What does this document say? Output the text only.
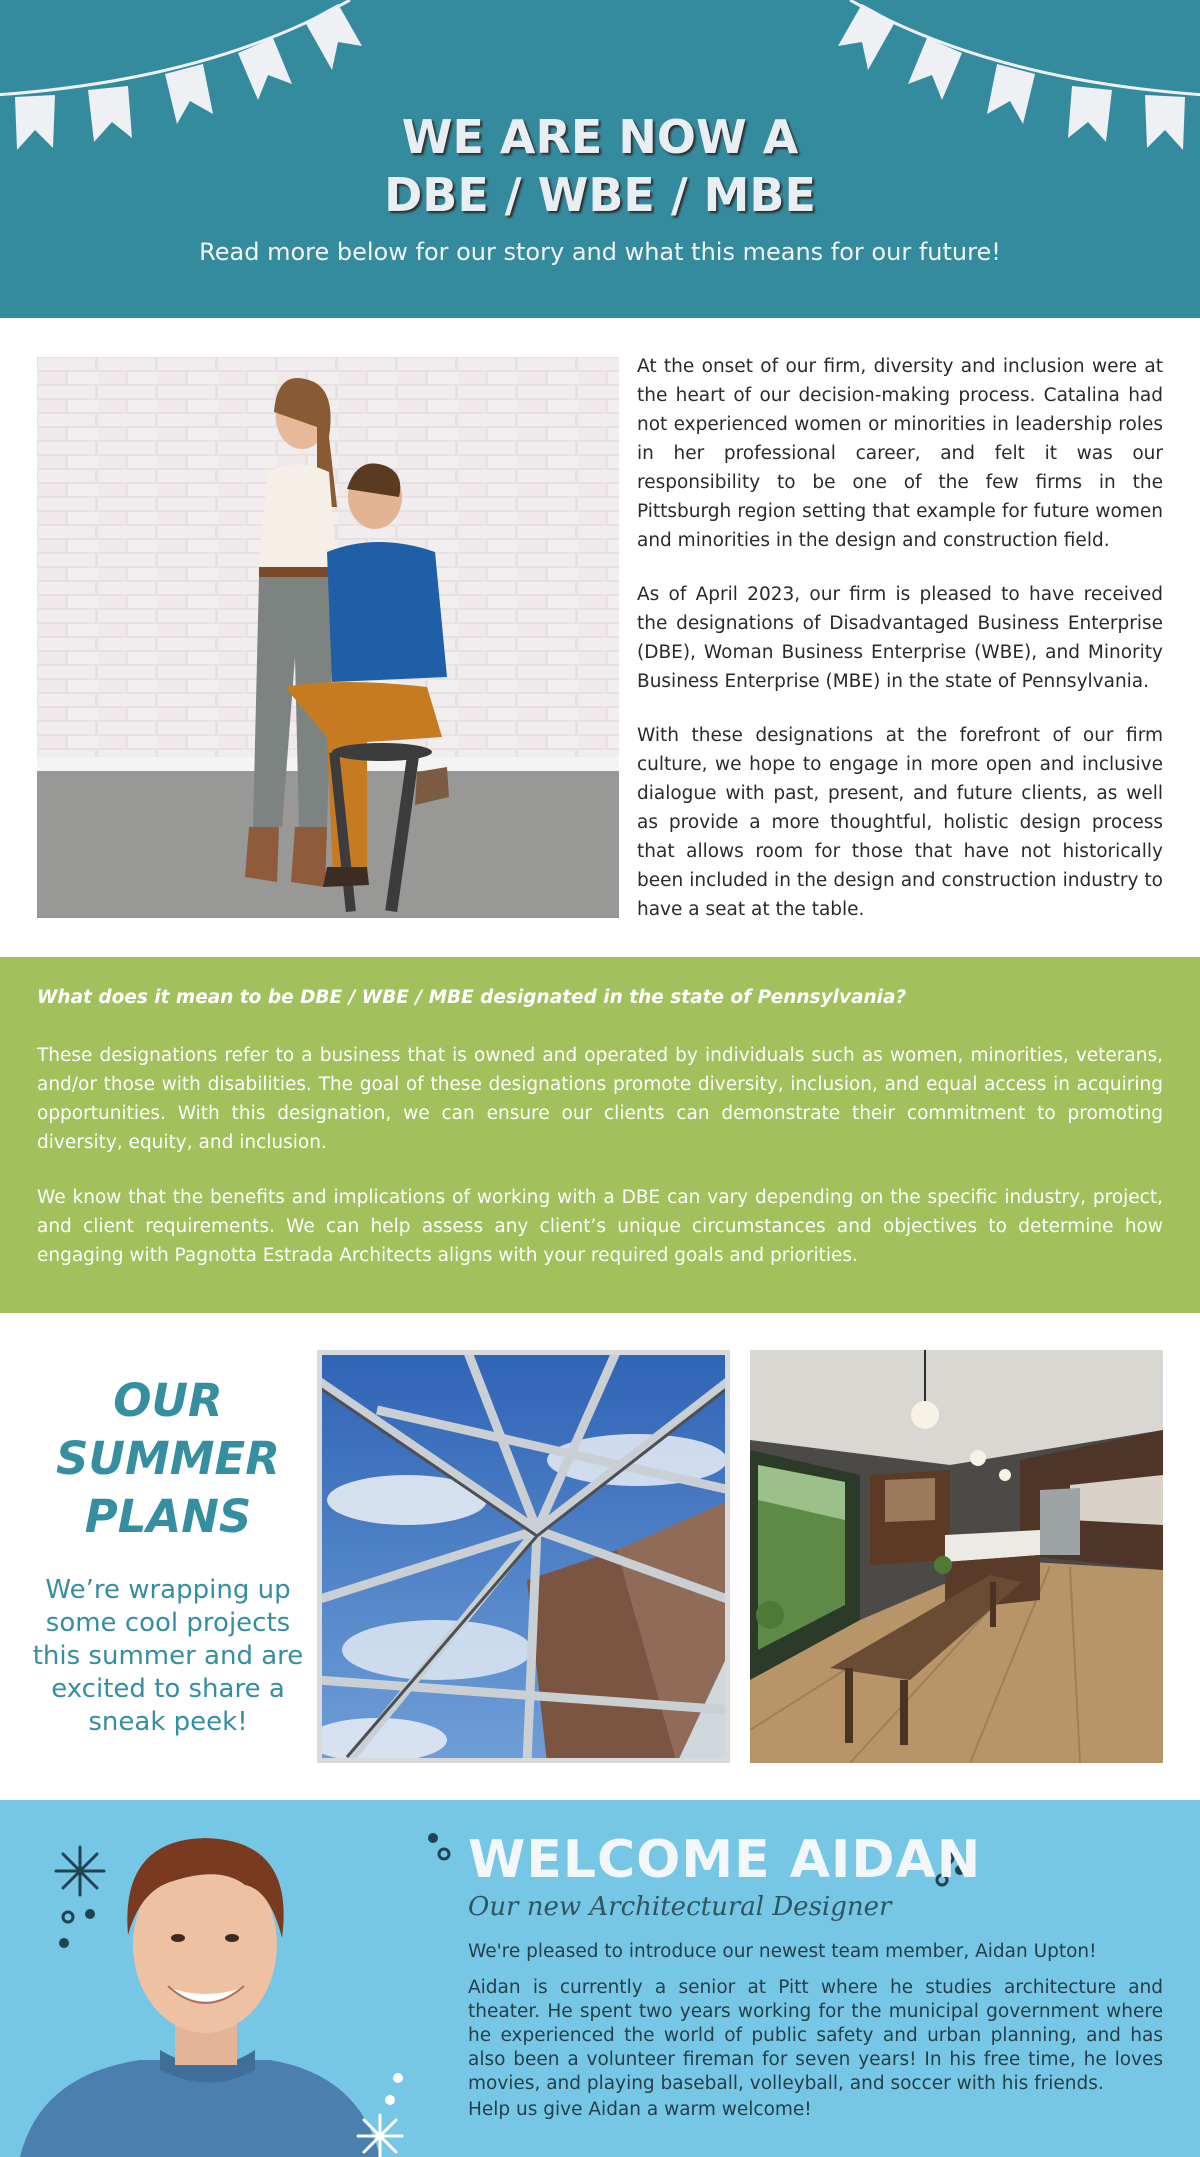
WE ARE NOW A
DBE / WBE / MBE

Read more below for our story and what this means for our future!

At the onset of our firm, diversity and inclusion were at the heart of our decision-making process. Catalina had not experienced women or minorities in leadership roles in her professional career, and felt it was our responsibility to be one of the few firms in the Pittsburgh region setting that example for future women and minorities in the design and construction field.

As of April 2023, our firm is pleased to have received the designations of Disadvantaged Business Enterprise (DBE), Woman Business Enterprise (WBE), and Minority Business Enterprise (MBE) in the state of Pennsylvania.

With these designations at the forefront of our firm culture, we hope to engage in more open and inclusive dialogue with past, present, and future clients, as well as provide a more thoughtful, holistic design process that allows room for those that have not historically been included in the design and construction industry to have a seat at the table.

What does it mean to be DBE / WBE / MBE designated in the state of Pennsylvania?

These designations refer to a business that is owned and operated by individuals such as women, minorities, veterans, and/or those with disabilities. The goal of these designations promote diversity, inclusion, and equal access in acquiring opportunities. With this designation, we can ensure our clients can demonstrate their commitment to promoting diversity, equity, and inclusion.

We know that the benefits and implications of working with a DBE can vary depending on the specific industry, project, and client requirements. We can help assess any client’s unique circumstances and objectives to determine how engaging with Pagnotta Estrada Architects aligns with your required goals and priorities.

OUR
SUMMER
PLANS

We’re wrapping up some cool projects this summer and are excited to share a sneak peek!

WELCOME AIDAN

Our new Architectural Designer

We're pleased to introduce our newest team member, Aidan Upton!

Aidan is currently a senior at Pitt where he studies architecture and theater. He spent two years working for the municipal government where he experienced the world of public safety and urban planning, and has also been a volunteer fireman for seven years! In his free time, he loves movies, and playing baseball, volleyball, and soccer with his friends.

Help us give Aidan a warm welcome!
